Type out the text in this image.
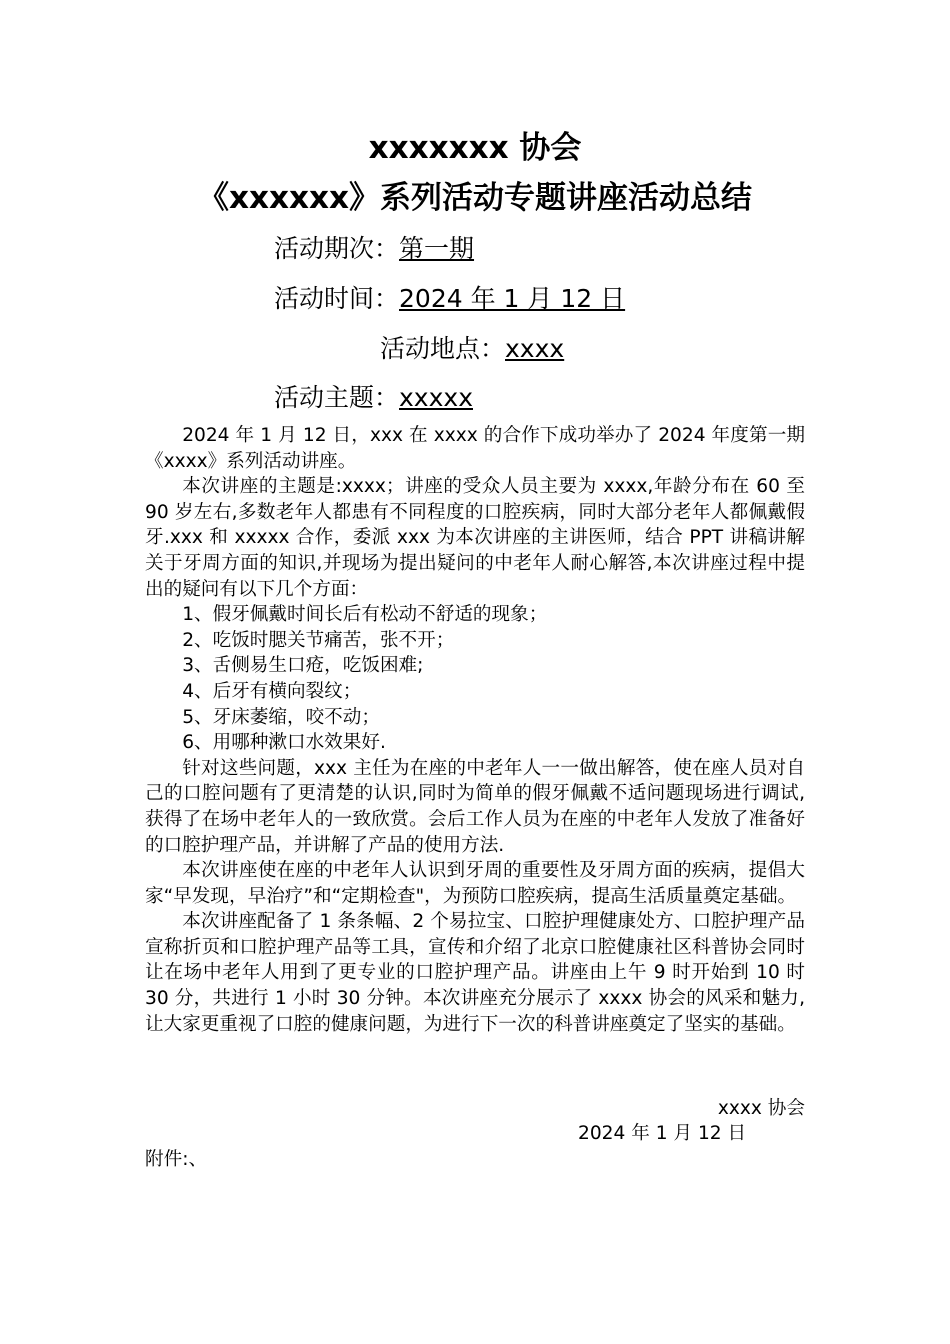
xxxxxxx 协会
《xxxxxx》系列活动专题讲座活动总结
活动期次：第一期
活动时间：2024 年 1 月 12 日
活动地点：xxxx
活动主题：xxxxx

2024 年 1 月 12 日，xxx 在 xxxx 的合作下成功举办了 2024 年度第一期《xxxx》系列活动讲座。

本次讲座的主题是:xxxx；讲座的受众人员主要为 xxxx,年龄分布在 60 至 90 岁左右,多数老年人都患有不同程度的口腔疾病，同时大部分老年人都佩戴假牙.xxx 和 xxxxx 合作，委派 xxx 为本次讲座的主讲医师，结合 PPT 讲稿讲解关于牙周方面的知识,并现场为提出疑问的中老年人耐心解答,本次讲座过程中提出的疑问有以下几个方面：

1、假牙佩戴时间长后有松动不舒适的现象；

2、吃饭时腮关节痛苦，张不开；

3、舌侧易生口疮，吃饭困难;

4、后牙有横向裂纹；

5、牙床萎缩，咬不动；

6、用哪种漱口水效果好.

针对这些问题，xxx 主任为在座的中老年人一一做出解答，使在座人员对自己的口腔问题有了更清楚的认识,同时为简单的假牙佩戴不适问题现场进行调试,获得了在场中老年人的一致欣赏。会后工作人员为在座的中老年人发放了准备好的口腔护理产品，并讲解了产品的使用方法.

本次讲座使在座的中老年人认识到牙周的重要性及牙周方面的疾病，提倡大家“早发现，早治疗”和“定期检查"，为预防口腔疾病，提高生活质量奠定基础。

本次讲座配备了 1 条条幅、2 个易拉宝、口腔护理健康处方、口腔护理产品宣称折页和口腔护理产品等工具，宣传和介绍了北京口腔健康社区科普协会同时让在场中老年人用到了更专业的口腔护理产品。讲座由上午 9 时开始到 10 时 30 分，共进行 1 小时 30 分钟。本次讲座充分展示了 xxxx 协会的风采和魅力,让大家更重视了口腔的健康问题，为进行下一次的科普讲座奠定了坚实的基础。

xxxx 协会
2024 年 1 月 12 日
附件:、
